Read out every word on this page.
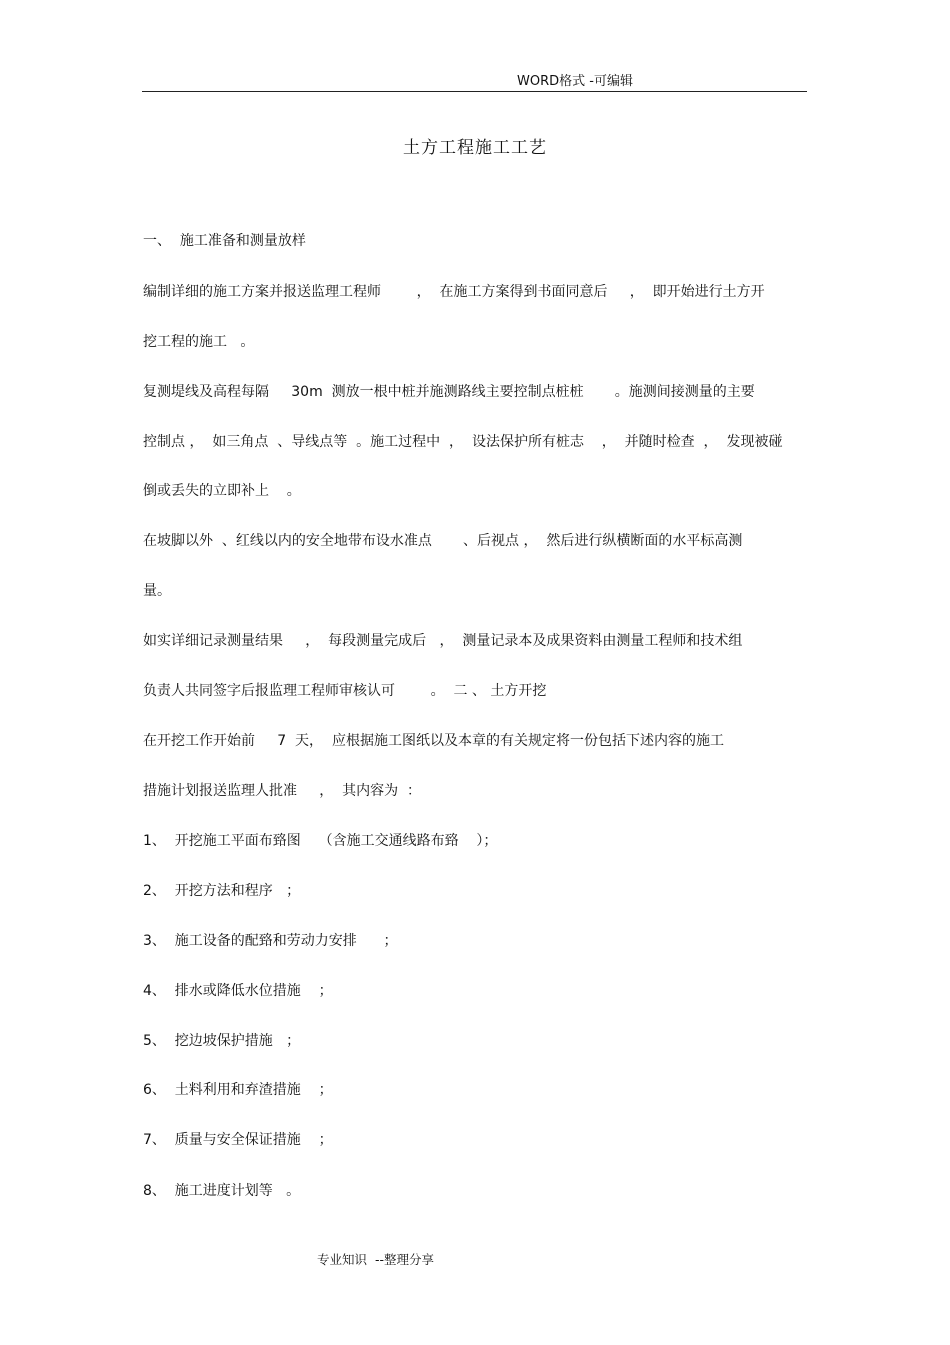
WORD格式 -可编辑
土方工程施工工艺
一、  施工准备和测量放样
编制详细的施工方案并报送监理工程师        ，  在施工方案得到书面同意后     ，  即开始进行土方开
挖工程的施工   。
复测堤线及高程每隔     30m  测放一根中桩并施测路线主要控制点桩桩       。施测间接测量的主要
控制点 ，  如三角点  、导线点等  。施工过程中  ，  设法保护所有桩志    ，  并随时检查  ，  发现被碰
倒或丢失的立即补上    。
在坡脚以外  、红线以内的安全地带布设水准点       、后视点 ，  然后进行纵横断面的水平标高测
量。
如实详细记录测量结果     ，  每段测量完成后   ，  测量记录本及成果资料由测量工程师和技术组
负责人共同签字后报监理工程师审核认可        。  二 、 土方开挖
在开挖工作开始前     7  天，  应根据施工图纸以及本章的有关规定将一份包括下述内容的施工
措施计划报送监理人批准     ，  其内容为  ：
1、  开挖施工平面布臵图    （含施工交通线路布臵    ）；
2、  开挖方法和程序   ；
3、  施工设备的配臵和劳动力安排      ；
4、  排水或降低水位措施    ；
5、  挖边坡保护措施   ；
6、  土料利用和弃渣措施    ；
7、  质量与安全保证措施    ；
8、  施工进度计划等   。
专业知识  --整理分享
